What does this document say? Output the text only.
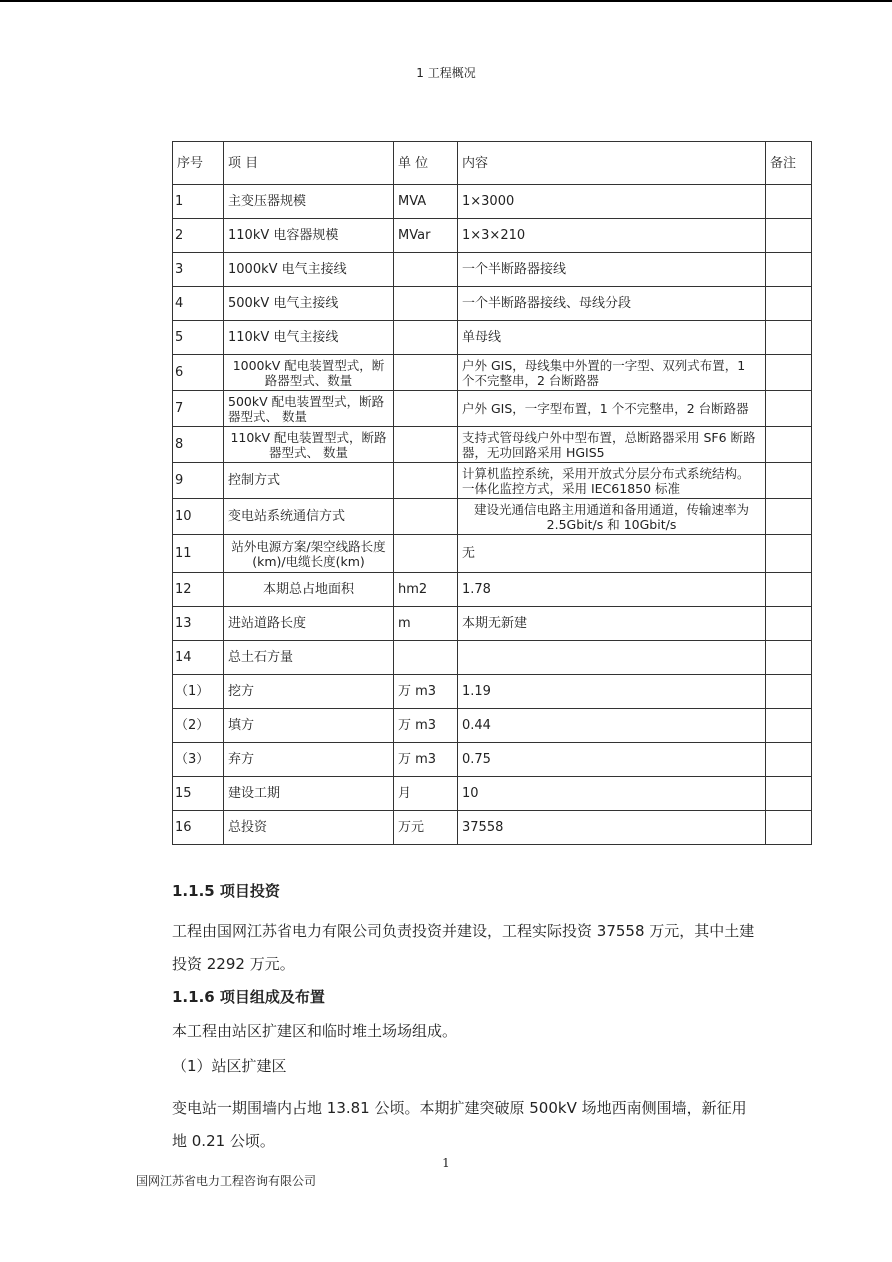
1 工程概况
序号	项 目	单 位	内容	备注
1	主变压器规模	MVA	1×3000	
2	110kV 电容器规模	MVar	1×3×210	
3	1000kV 电气主接线		一个半断路器接线	
4	500kV 电气主接线		一个半断路器接线、母线分段	
5	110kV 电气主接线		单母线	
6	1000kV 配电装置型式，断路器型式、数量		户外 GIS，母线集中外置的一字型、双列式布置，1 个不完整串，2 台断路器	
7	500kV 配电装置型式，断路器型式、 数量		户外 GIS，一字型布置，1 个不完整串，2 台断路器	
8	110kV 配电装置型式，断路器型式、 数量		支持式管母线户外中型布置，总断路器采用 SF6 断路器，无功回路采用 HGIS5	
9	控制方式		计算机监控系统，采用开放式分层分布式系统结构。一体化监控方式，采用 IEC61850 标准	
10	变电站系统通信方式		建设光通信电路主用通道和备用通道，传输速率为 2.5Gbit/s 和 10Gbit/s	
11	站外电源方案/架空线路长度(km)/电缆长度(km)		无	
12	本期总占地面积	hm2	1.78	
13	进站道路长度	m	本期无新建	
14	总土石方量			
（1）	挖方	万 m3	1.19	
（2）	填方	万 m3	0.44	
（3）	弃方	万 m3	0.75	
15	建设工期	月	10	
16	总投资	万元	37558	
1.1.5 项目投资
工程由国网江苏省电力有限公司负责投资并建设，工程实际投资 37558 万元，其中土建投资 2292 万元。
1.1.6 项目组成及布置
本工程由站区扩建区和临时堆土场场组成。
（1）站区扩建区
变电站一期围墙内占地 13.81 公顷。本期扩建突破原 500kV 场地西南侧围墙，新征用地 0.21 公顷。
1
国网江苏省电力工程咨询有限公司
